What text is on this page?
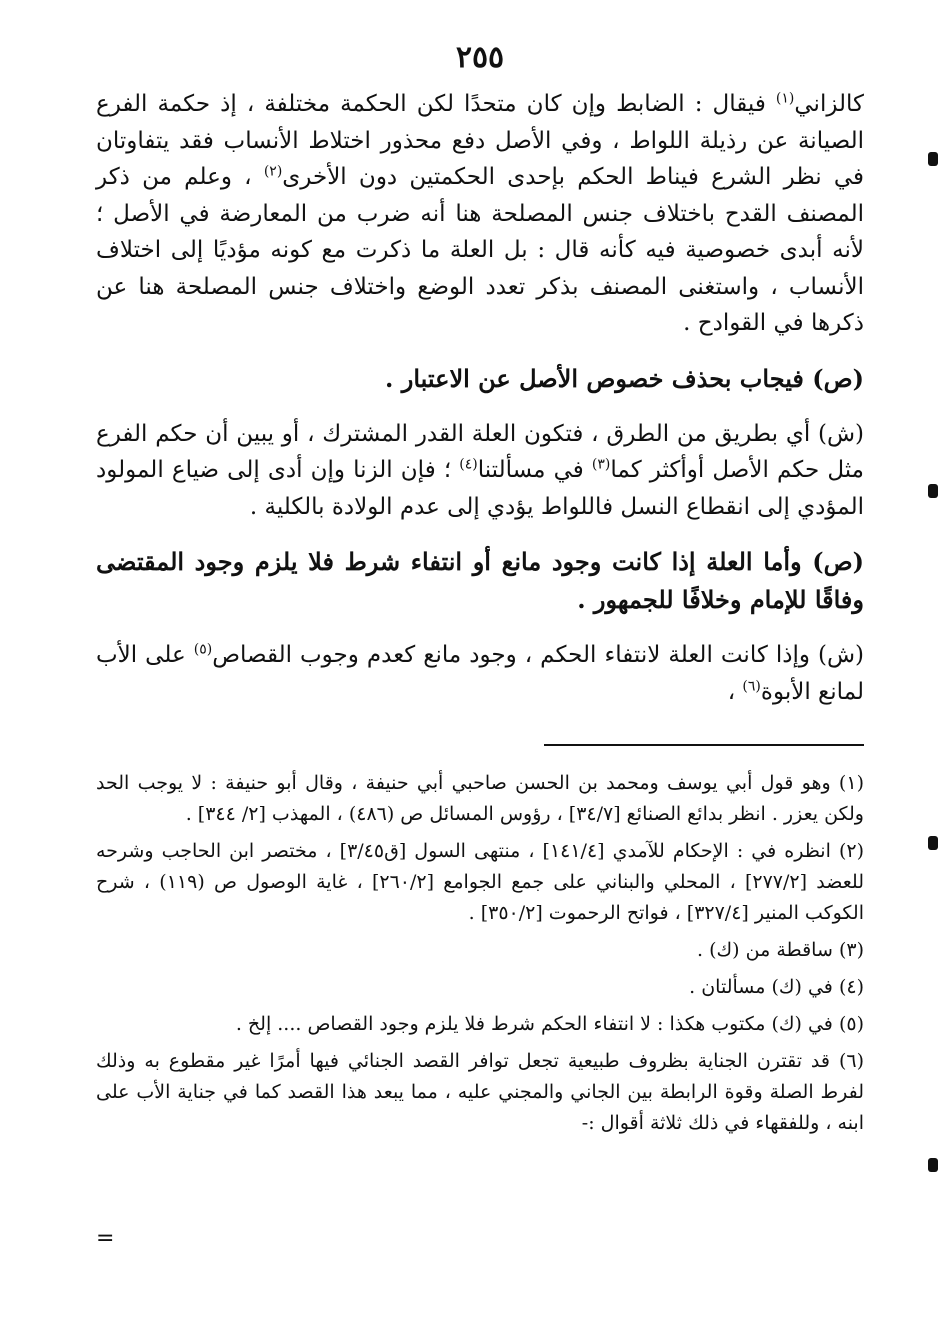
٢٥٥

كالزاني$^{(١)}$ فيقال : الضابط وإن كان متحدًا لكن الحكمة مختلفة ، إذ حكمة الفرع الصيانة عن رذيلة اللواط ، وفي الأصل دفع محذور اختلاط الأنساب فقد يتفاوتان في نظر الشرع فيناط الحكم بإحدى الحكمتين دون الأخرى$^{(٢)}$ ، وعلم من ذكر المصنف القدح باختلاف جنس المصلحة هنا أنه ضرب من المعارضة في الأصل ؛ لأنه أبدى خصوصية فيه كأنه قال : بل العلة ما ذكرت مع كونه مؤديًا إلى اختلاف الأنساب ، واستغنى المصنف بذكر تعدد الوضع واختلاف جنس المصلحة هنا عن ذكرها في القوادح .

(ص) فيجاب بحذف خصوص الأصل عن الاعتبار .

(ش) أي بطريق من الطرق ، فتكون العلة القدر المشترك ، أو يبين أن حكم الفرع مثل حكم الأصل أوأكثر كما$^{(٣)}$ في مسألتنا$^{(٤)}$ ؛ فإن الزنا وإن أدى إلى ضياع المولود المؤدي إلى انقطاع النسل فاللواط يؤدي إلى عدم الولادة بالكلية .

(ص) وأما العلة إذا كانت وجود مانع أو انتفاء شرط فلا يلزم وجود المقتضى وفاقًا للإمام وخلافًا للجمهور .

(ش) وإذا كانت العلة لانتفاء الحكم ، وجود مانع كعدم وجوب القصاص$^{(٥)}$ على الأب لمانع الأبوة$^{(٦)}$ ،

(١) وهو قول أبي يوسف ومحمد بن الحسن صاحبي أبي حنيفة ، وقال أبو حنيفة : لا يوجب الحد ولكن يعزر . انظر بدائع الصنائع [٣٤/٧] ، رؤوس المسائل ص (٤٨٦) ، المهذب [٢/ ٣٤٤] .
(٢) انظره في : الإحكام للآمدي [١٤١/٤] ، منتهى السول [ق٣/٤٥] ، مختصر ابن الحاجب وشرحه للعضد [٢٧٧/٢] ، المحلي والبناني على جمع الجوامع [٢٦٠/٢] ، غاية الوصول ص (١١٩) ، شرح الكوكب المنير [٣٢٧/٤] ، فواتح الرحموت [٣٥٠/٢] .
(٣) ساقطة من (ك) .
(٤) في (ك) مسألتان .
(٥) في (ك) مكتوب هكذا : لا انتفاء الحكم شرط فلا يلزم وجود القصاص .... إلخ .
(٦) قد تقترن الجناية بظروف طبيعية تجعل توافر القصد الجنائي فيها أمرًا غير مقطوع به وذلك لفرط الصلة وقوة الرابطة بين الجاني والمجني عليه ، مما يبعد هذا القصد كما في جناية الأب على ابنه ، وللفقهاء في ذلك ثلاثة أقوال :-
=
